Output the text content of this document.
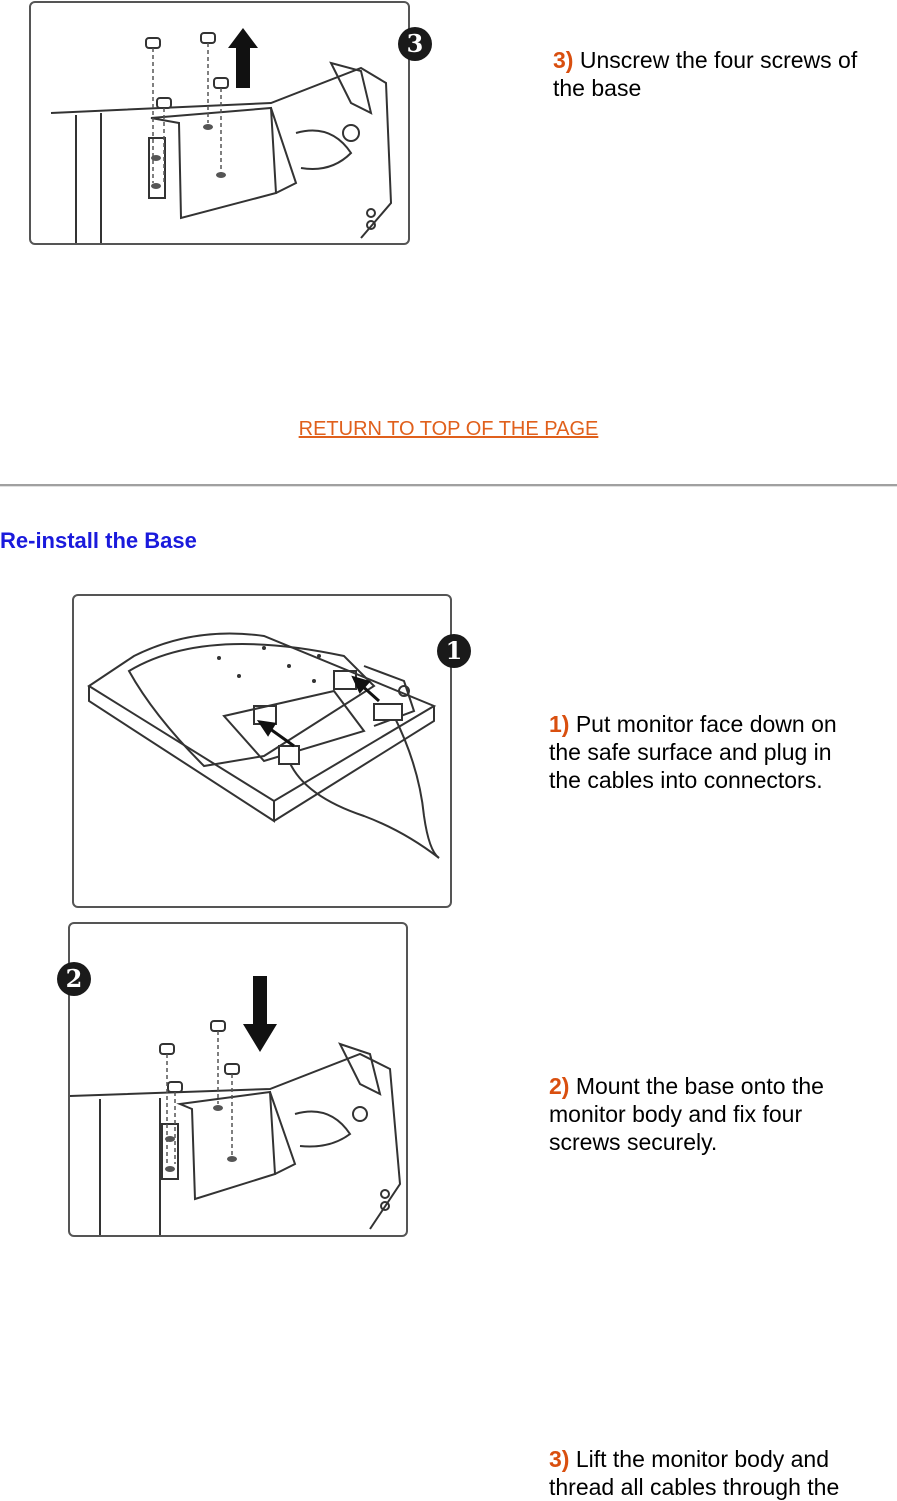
3
3) Unscrew the four screws of the base
RETURN TO TOP OF THE PAGE
Re-install the Base
1
1) Put monitor face down on the safe surface and plug in the cables into connectors.
2
2) Mount the base onto the monitor body and fix four screws securely.
3) Lift the monitor body and thread all cables through the
